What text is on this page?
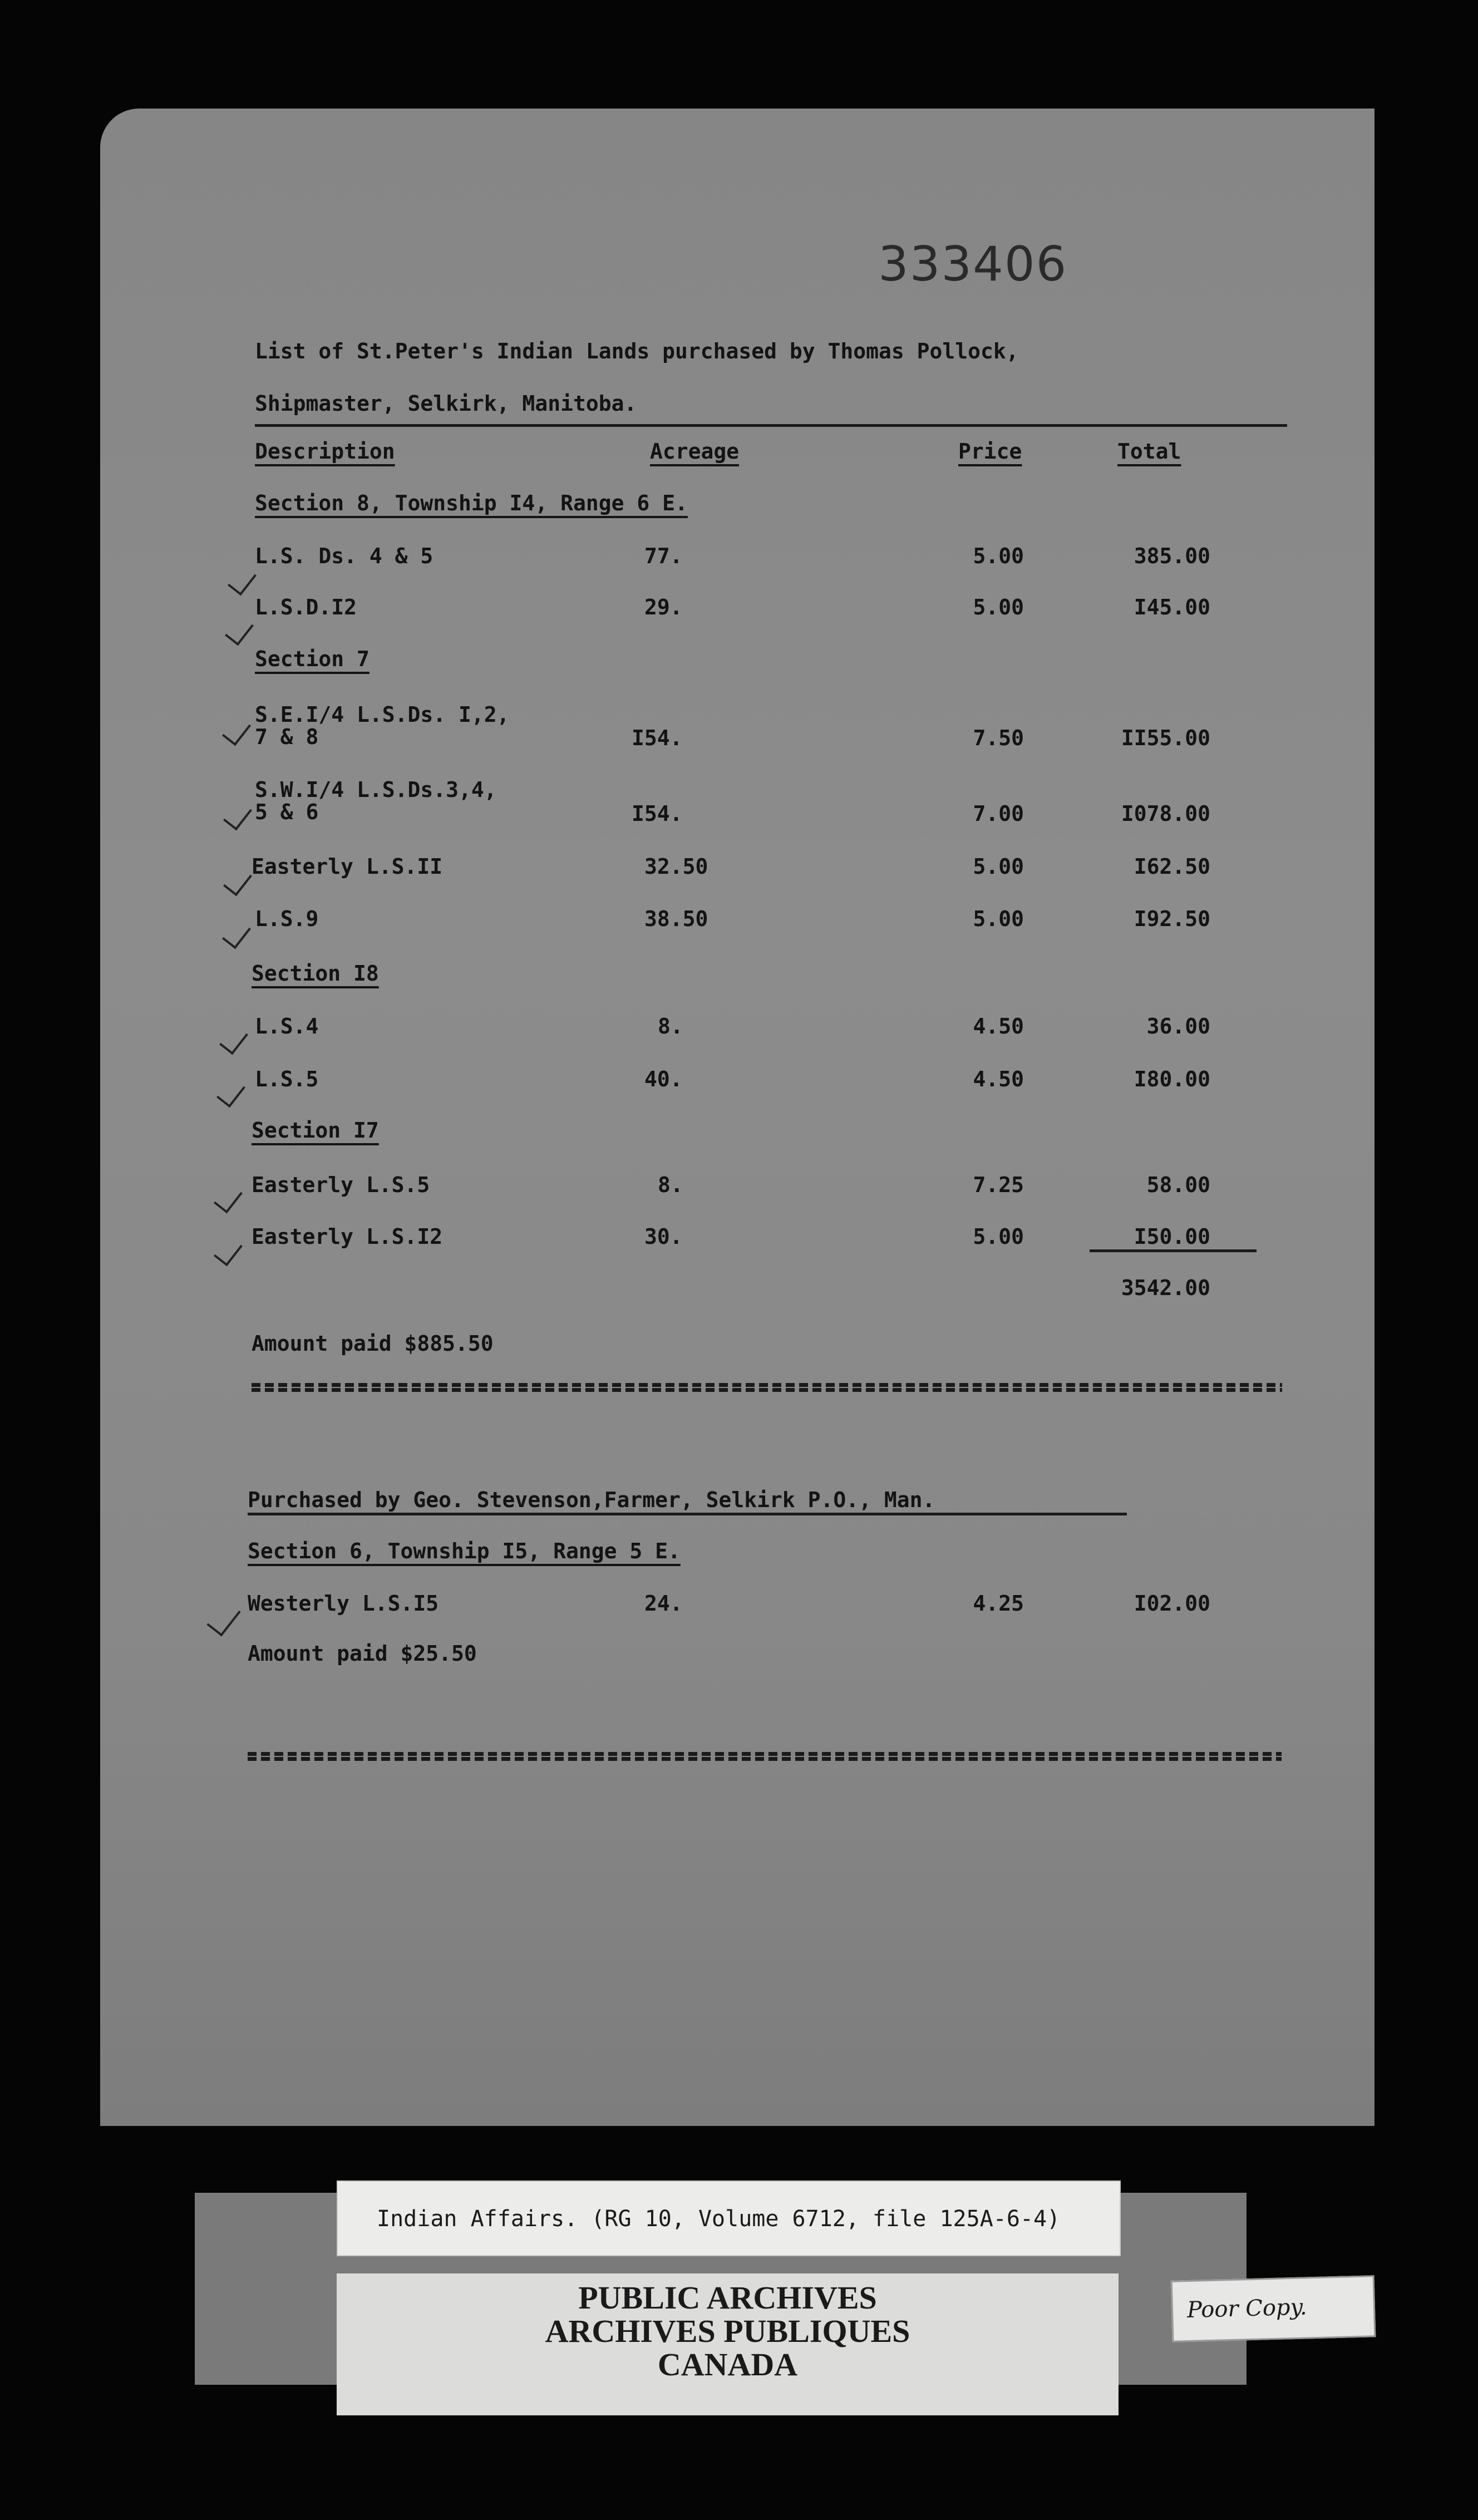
333406
List of St.Peter's Indian Lands purchased by Thomas Pollock,
Shipmaster, Selkirk, Manitoba.
Description	Acreage	Price	Total
Section 8, Township I4, Range 6 E.
L.S. Ds. 4 & 5	77.	5.00	385.00
L.S.D.I2	29.	5.00	I45.00
Section 7
S.E.I/4 L.S.Ds. I,2,
7 & 8	I54.	7.50	II55.00
S.W.I/4 L.S.Ds.3,4,
5 & 6	I54.	7.00	I078.00
Easterly L.S.II	32.50	5.00	I62.50
L.S.9	38.50	5.00	I92.50
Section I8
L.S.4	8.	4.50	36.00
L.S.5	40.	4.50	I80.00
Section I7
Easterly L.S.5	8.	7.25	58.00
Easterly L.S.I2	30.	5.00	I50.00
3542.00
Amount paid $885.50
Purchased by Geo. Stevenson,Farmer, Selkirk P.O., Man.
Section 6, Township I5, Range 5 E.
Westerly L.S.I5	24.	4.25	I02.00
Amount paid $25.50
Indian Affairs. (RG 10, Volume 6712, file 125A-6-4)
PUBLIC ARCHIVES
ARCHIVES PUBLIQUES
CANADA
Poor Copy.
